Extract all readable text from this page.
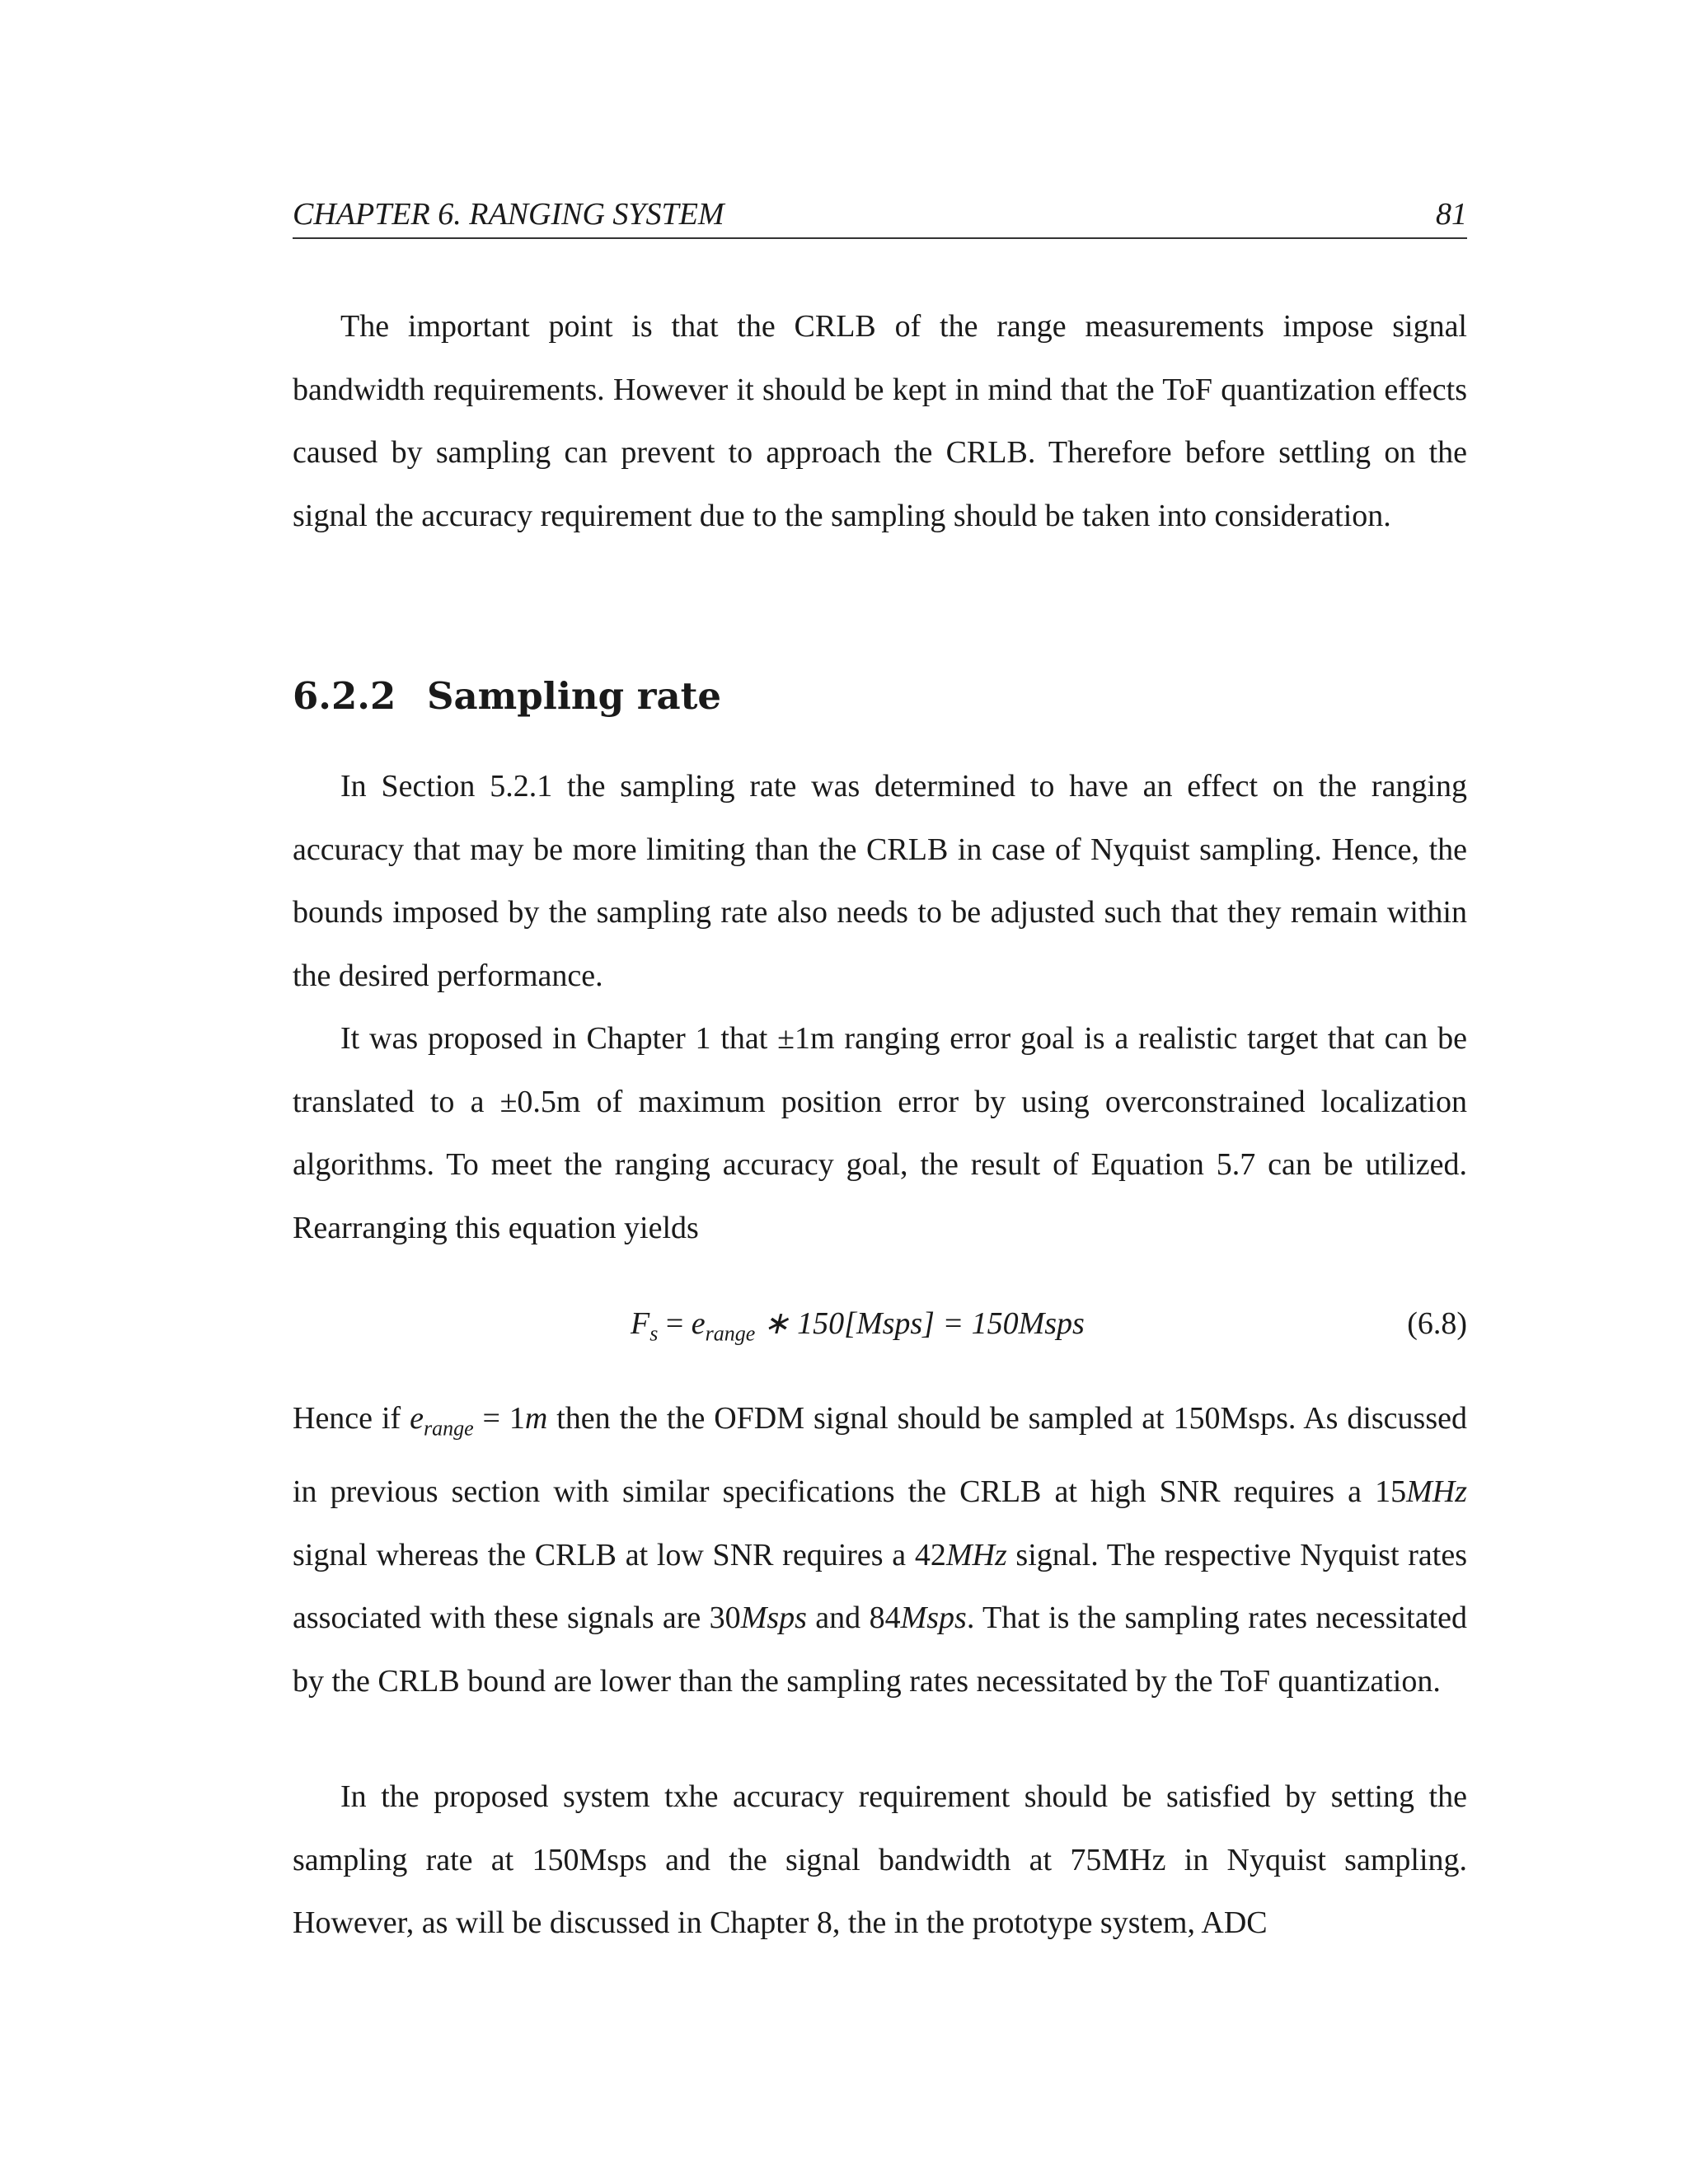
CHAPTER 6. RANGING SYSTEM	81

The important point is that the CRLB of the range measurements impose signal bandwidth requirements. However it should be kept in mind that the ToF quantization effects caused by sampling can prevent to approach the CRLB. Therefore before settling on the signal the accuracy requirement due to the sampling should be taken into consideration.

6.2.2 Sampling rate

In Section 5.2.1 the sampling rate was determined to have an effect on the ranging accuracy that may be more limiting than the CRLB in case of Nyquist sampling. Hence, the bounds imposed by the sampling rate also needs to be adjusted such that they remain within the desired performance.

It was proposed in Chapter 1 that ±1m ranging error goal is a realistic target that can be translated to a ±0.5m of maximum position error by using overconstrained localization algorithms. To meet the ranging accuracy goal, the result of Equation 5.7 can be utilized. Rearranging this equation yields

$F_s = e_{range}$ ∗ 150[Msps] = 150Msps	(6.8)

Hence if $e_{range} = 1m$ then the the OFDM signal should be sampled at 150Msps. As discussed in previous section with similar specifications the CRLB at high SNR requires a 15MHz signal whereas the CRLB at low SNR requires a 42MHz signal. The respective Nyquist rates associated with these signals are 30Msps and 84Msps. That is the sampling rates necessitated by the CRLB bound are lower than the sampling rates necessitated by the ToF quantization.

In the proposed system txhe accuracy requirement should be satisfied by setting the sampling rate at 150Msps and the signal bandwidth at 75MHz in Nyquist sampling. However, as will be discussed in Chapter 8, the in the prototype system, ADC
